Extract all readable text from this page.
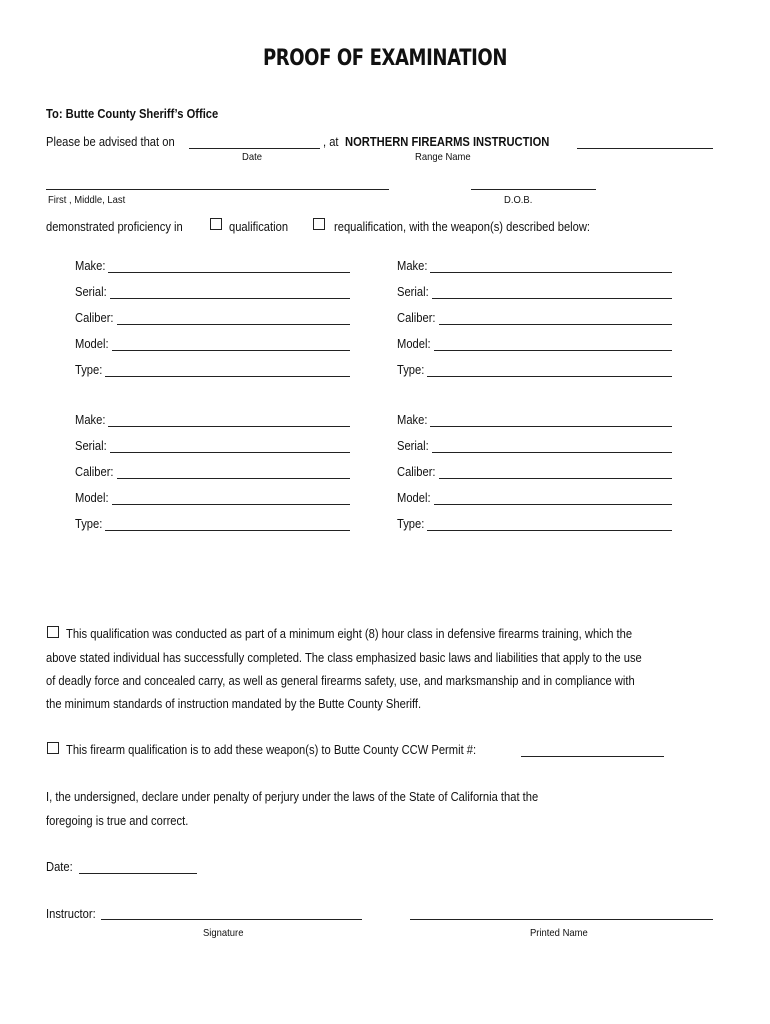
PROOF OF EXAMINATION
To: Butte County Sheriff’s Office
Please be advised that on	, at NORTHERN FIREARMS INSTRUCTION
Date	Range Name
First , Middle, Last	D.O.B.
demonstrated proficiency in	qualification	requalification, with the weapon(s) described below:
Make:
Serial:
Caliber:
Model:
Type:
Make:
Serial:
Caliber:
Model:
Type:
Make:
Serial:
Caliber:
Model:
Type:
Make:
Serial:
Caliber:
Model:
Type:
This qualification was conducted as part of a minimum eight (8) hour class in defensive firearms training, which the
above stated individual has successfully completed. The class emphasized basic laws and liabilities that apply to the use
of deadly force and concealed carry, as well as general firearms safety, use, and marksmanship and in compliance with
the minimum standards of instruction mandated by the Butte County Sheriff.
This firearm qualification is to add these weapon(s) to Butte County CCW Permit #:
I, the undersigned, declare under penalty of perjury under the laws of the State of California that the
foregoing is true and correct.
Date:
Instructor:
Signature	Printed Name
